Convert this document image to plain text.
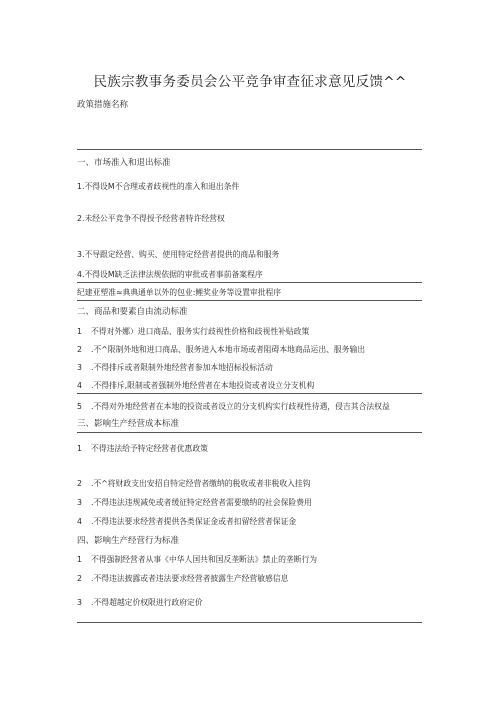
民族宗教事务委员会公平竞争审查征求意见反馈^^
政策措施名称
一、市场准入和退出标准
1.不得设M不合理或者歧视性的准入和退出条件
2.未经公平竞争不得授予经营者特许经营权
3.不导跟定经营、购买、使用特定经营者提供的商品和服务
4.不得设M缺乏法律法规依据的审批或者事前备案程序
纪建亚塑准≈典典通单以外的包业:鲤奖业务等设置审批程序
二、商品和要素自由流动标准
1 不得对外娜）进口商品、服务实行歧视性价格和歧视性补贴政策
2 .不^限制外地和进口商品、服务进入本地市场或者阻碍本地商品运出、服务输出
3 .不得排斥或者限制外地经营者参加本地招标投标活动
4 .不得排斥,限制或者强制外地经营者在本地投资或者设立分支机构
5 .不得对外地经营者在本地的投资或者设立的分支机构实行歧视性待遇，侵吉其合法权益
三、影响生产经营成本标准
1 不得违法给予特定经营者优惠政策
2 .不^将财政支出安招自特定经营者缴纳的税收或者非税收入挂钩
3 .不得违法违规减免或者缓征特定经营者需要缴纳的社会保险费用
4 .不得违法要求经营者提供各类保证金或者扣留经营者保证金
四、影响生产经营行为标准
1 不得强制经营者从事《中华人国共和国反垄断法》禁止的垄断行为
2 .不得违法披露或者违法要求经营者披露生产经营敏感信息
3 .不得超越定价权限进行政府定价
